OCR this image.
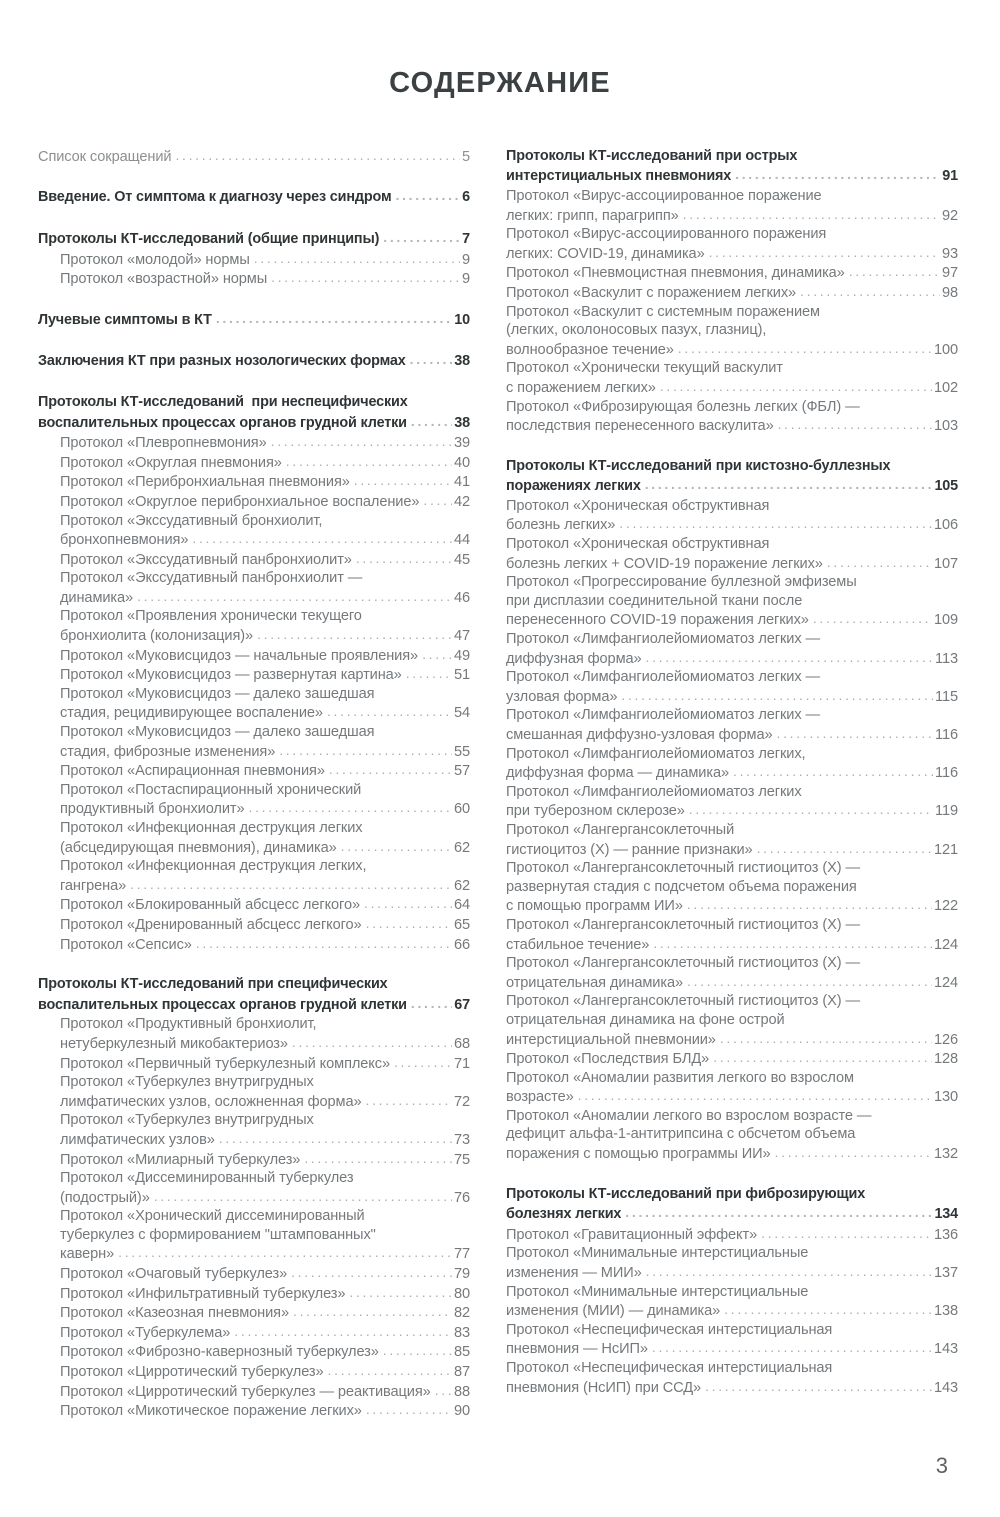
СОДЕРЖАНИЕ
Список сокращений . . .	5
Введение. От симптома к диагнозу через синдром . . .	6
Протоколы КТ-исследований (общие принципы) . . .	7
Протокол «молодой» нормы . . .	9
Протокол «возрастной» нормы . . .	9
Лучевые симптомы в КТ . . .	10
Заключения КТ при разных нозологических формах . . .	38
Протоколы КТ-исследований  при неспецифических
воспалительных процессах органов грудной клетки . . .	38
Протокол «Плевропневмония» . . .	39
Протокол «Округлая пневмония» . . .	40
Протокол «Перибронхиальная пневмония» . . .	41
Протокол «Округлое перибронхиальное воспаление» . . . 42
Протокол «Экссудативный бронхиолит,
бронхопневмония» . . .	44
Протокол «Экссудативный панбронхиолит» . . .	45
Протокол «Экссудативный панбронхиолит —
динамика» . . .	46
Протокол «Проявления хронически текущего
бронхиолита (колонизация)» . . .	47
Протокол «Муковисцидоз — начальные проявления» . . . 49
Протокол «Муковисцидоз — развернутая картина» . . .	51
Протокол «Муковисцидоз — далеко зашедшая
стадия, рецидивирующее воспаление» . . .	54
Протокол «Муковисцидоз — далеко зашедшая
стадия, фиброзные изменения» . . .	55
Протокол «Аспирационная пневмония» . . .	57
Протокол «Постаспирационный хронический
продуктивный бронхиолит» . . .	60
Протокол «Инфекционная деструкция легких
(абсцедирующая пневмония), динамика» . . .	62
Протокол «Инфекционная деструкция легких,
гангрена» . . .	62
Протокол «Блокированный абсцесс легкого» . . .	64
Протокол «Дренированный абсцесс легкого» . . .	65
Протокол «Сепсис» . . .	66
Протоколы КТ-исследований при специфических
воспалительных процессах органов грудной клетки . . .	67
Протокол «Продуктивный бронхиолит,
нетуберкулезный микобактериоз» . . .	68
Протокол «Первичный туберкулезный комплекс» . . .	71
Протокол «Туберкулез внутригрудных
лимфатических узлов, осложненная форма» . . .	72
Протокол «Туберкулез внутригрудных
лимфатических узлов» . . .	73
Протокол «Милиарный туберкулез» . . .	75
Протокол «Диссеминированный туберкулез
(подострый)» . . .	76
Протокол «Хронический диссеминированный
туберкулез с формированием "штампованных"
каверн» . . .	77
Протокол «Очаговый туберкулез» . . .	79
Протокол «Инфильтративный туберкулез» . . .	80
Протокол «Казеозная пневмония» . . .	82
Протокол «Туберкулема» . . .	83
Протокол «Фиброзно-кавернозный туберкулез» . . .	85
Протокол «Цирротический туберкулез» . . .	87
Протокол «Цирротический туберкулез — реактивация» . . . 88
Протокол «Микотическое поражение легких» . . .	90
Протоколы КТ-исследований при острых
интерстициальных пневмониях . . .	91
Протокол «Вирус-ассоциированное поражение
легких: грипп, парагрипп» . . .	92
Протокол «Вирус-ассоциированного поражения
легких: COVID-19, динамика» . . .	93
Протокол «Пневмоцистная пневмония, динамика» . . .	97
Протокол «Васкулит с поражением легких» . . .	98
Протокол «Васкулит с системным поражением
(легких, околоносовых пазух, глазниц),
волнообразное течение» . . .	100
Протокол «Хронически текущий васкулит
с поражением легких» . . .	102
Протокол «Фиброзирующая болезнь легких (ФБЛ) —
последствия перенесенного васкулита» . . .	103
Протоколы КТ-исследований при кистозно-буллезных
поражениях легких . . .	105
Протокол «Хроническая обструктивная
болезнь легких» . . .	106
Протокол «Хроническая обструктивная
болезнь легких + COVID-19 поражение легких» . . .	107
Протокол «Прогрессирование буллезной эмфиземы
при дисплазии соединительной ткани после
перенесенного COVID-19 поражения легких» . . .	109
Протокол «Лимфангиолейомиоматоз легких —
диффузная форма» . . .	113
Протокол «Лимфангиолейомиоматоз легких —
узловая форма» . . .	115
Протокол «Лимфангиолейомиоматоз легких —
смешанная диффузно-узловая форма» . . .	116
Протокол «Лимфангиолейомиоматоз легких,
диффузная форма — динамика» . . .	116
Протокол «Лимфангиолейомиоматоз легких
при туберозном склерозе» . . .	119
Протокол «Лангергансоклеточный
гистиоцитоз (Х) — ранние признаки» . . .	121
Протокол «Лангергансоклеточный гистиоцитоз (Х) —
развернутая стадия с подсчетом объема поражения
с помощью программ ИИ» . . .	122
Протокол «Лангергансоклеточный гистиоцитоз (Х) —
стабильное течение» . . .	124
Протокол «Лангергансоклеточный гистиоцитоз (Х) —
отрицательная динамика» . . .	124
Протокол «Лангергансоклеточный гистиоцитоз (Х) —
отрицательная динамика на фоне острой
интерстициальной пневмонии» . . .	126
Протокол «Последствия БЛД» . . .	128
Протокол «Аномалии развития легкого во взрослом
возрасте» . . .	130
Протокол «Аномалии легкого во взрослом возрасте —
дефицит альфа-1-антитрипсина с обсчетом объема
поражения с помощью программы ИИ» . . .	132
Протоколы КТ-исследований при фиброзирующих
болезнях легких . . .	134
Протокол «Гравитационный эффект» . . .	136
Протокол «Минимальные интерстициальные
изменения — МИИ» . . .	137
Протокол «Минимальные интерстициальные
изменения (МИИ) — динамика» . . .	138
Протокол «Неспецифическая интерстициальная
пневмония — НсИП» . . .	143
Протокол «Неспецифическая интерстициальная
пневмония (НсИП) при ССД» . . .	143
3
